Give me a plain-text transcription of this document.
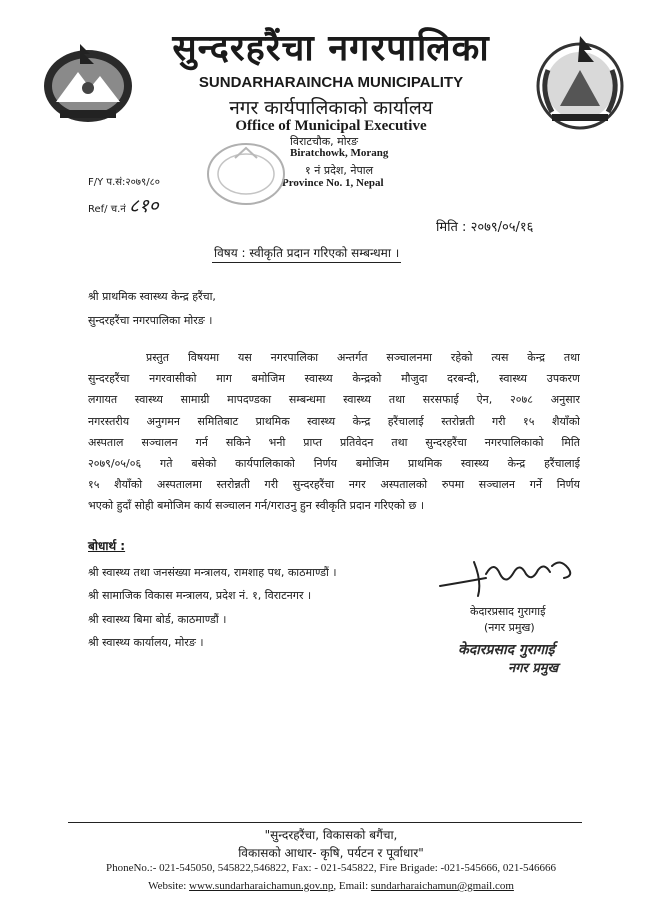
सुन्दरहरैंचा नगरपालिका
SUNDARHARAINCHA MUNICIPALITY
नगर कार्यपालिकाको कार्यालय
Office of Municipal Executive
विराटचौक, मोरङ
Biratchowk, Morang
१ नं प्रदेश, नेपाल
Province No. 1, Nepal
F/Y प.सं:२०७९/८०
Ref/ च.नं ८१०
मिति : २०७९/०५/१६
विषय : स्वीकृति प्रदान गरिएको सम्बन्धमा ।
श्री प्राथमिक स्वास्थ्य केन्द्र हरैंचा,
सुन्दरहरैंचा नगरपालिका मोरङ ।
प्रस्तुत विषयमा यस नगरपालिका अन्तर्गत सञ्चालनमा रहेको त्यस केन्द्र तथा
सुन्दरहरैंचा नगरवासीको माग बमोजिम स्वास्थ्य केन्द्रको मौजुदा दरबन्दी, स्वास्थ्य उपकरण
लगायत स्वास्थ्य सामाग्री मापदण्डका सम्बन्धमा स्वास्थ्य तथा सरसफाई ऐन, २०७८ अनुसार
नगरस्तरीय अनुगमन समितिबाट प्राथमिक स्वास्थ्य केन्द्र हरैंचालाई स्तरोन्नती गरी १५ शैयाँको
अस्पताल सञ्चालन गर्न सकिने भनी प्राप्त प्रतिवेदन तथा सुन्दरहरैंचा नगरपालिकाको मिति
२०७९/०५/०६ गते बसेको कार्यपालिकाको निर्णय बमोजिम प्राथमिक स्वास्थ्य केन्द्र हरैंचालाई
१५ शैयाँको अस्पतालमा स्तरोन्नती गरी सुन्दरहरैंचा नगर अस्पतालको रुपमा सञ्चालन गर्ने निर्णय
भएको हुदाँ सोही बमोजिम कार्य सञ्चालन गर्न/गराउनु हुन स्वीकृति प्रदान गरिएको छ ।
बोधार्थ :
श्री स्वास्थ्य तथा जनसंख्या मन्त्रालय, रामशाह पथ, काठमाण्डौं ।
श्री सामाजिक विकास मन्त्रालय, प्रदेश नं. १, विराटनगर ।
श्री स्वास्थ्य बिमा बोर्ड, काठमाण्डौं ।
श्री स्वास्थ्य कार्यालय, मोरङ ।
केदारप्रसाद गुरागाई
(नगर प्रमुख)
केदारप्रसाद गुरागाई
नगर प्रमुख
"सुन्दरहरैंचा, विकासको बगैंचा,
विकासको आधार- कृषि, पर्यटन र पूर्वाधार"
PhoneNo.:- 021-545050, 545822,546822, Fax: - 021-545822, Fire Brigade: -021-545666, 021-546666
Website: www.sundarharaichamun.gov.np, Email: sundarharaichamun@gmail.com
